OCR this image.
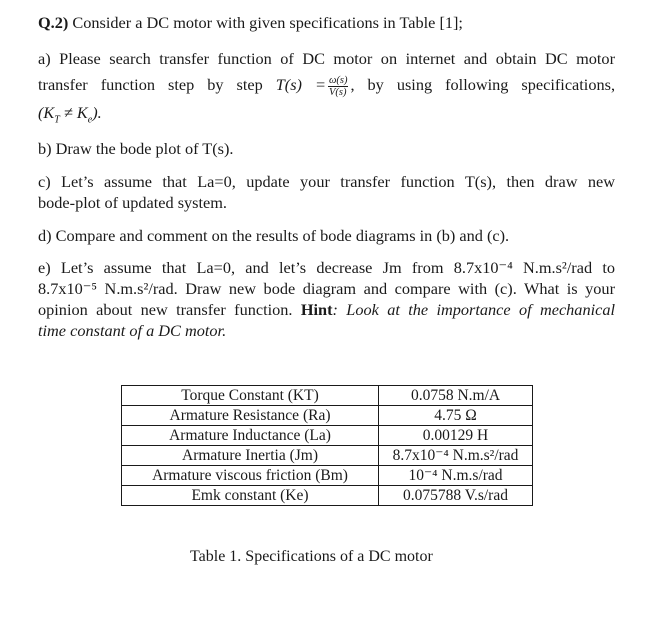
Q.2) Consider a DC motor with given specifications in Table [1];
a) Please search transfer function of DC motor on internet and obtain DC motor
transfer function step by step $T(s) = \frac{\omega(s)}{V(s)}$ , by using following specifications,
$(K_T \ne K_e)$.
b) Draw the bode plot of T(s).
c) Let’s assume that La=0, update your transfer function T(s), then draw new
bode-plot of updated system.
d) Compare and comment on the results of bode diagrams in (b) and (c).
e) Let’s assume that La=0, and let’s decrease Jm from 8.7x10⁻⁴ N.m.s²/rad to
8.7x10⁻⁵ N.m.s²/rad. Draw new bode diagram and compare with (c). What is your
opinion about new transfer function. Hint: Look at the importance of mechanical
time constant of a DC motor.
Torque Constant (KT)	0.0758 N.m/A
Armature Resistance (Ra)	4.75 Ω
Armature Inductance (La)	0.00129 H
Armature Inertia (Jm)	8.7x10⁻⁴ N.m.s²/rad
Armature viscous friction (Bm)	10⁻⁴ N.m.s/rad
Emk constant (Ke)	0.075788 V.s/rad
Table 1. Specifications of a DC motor
